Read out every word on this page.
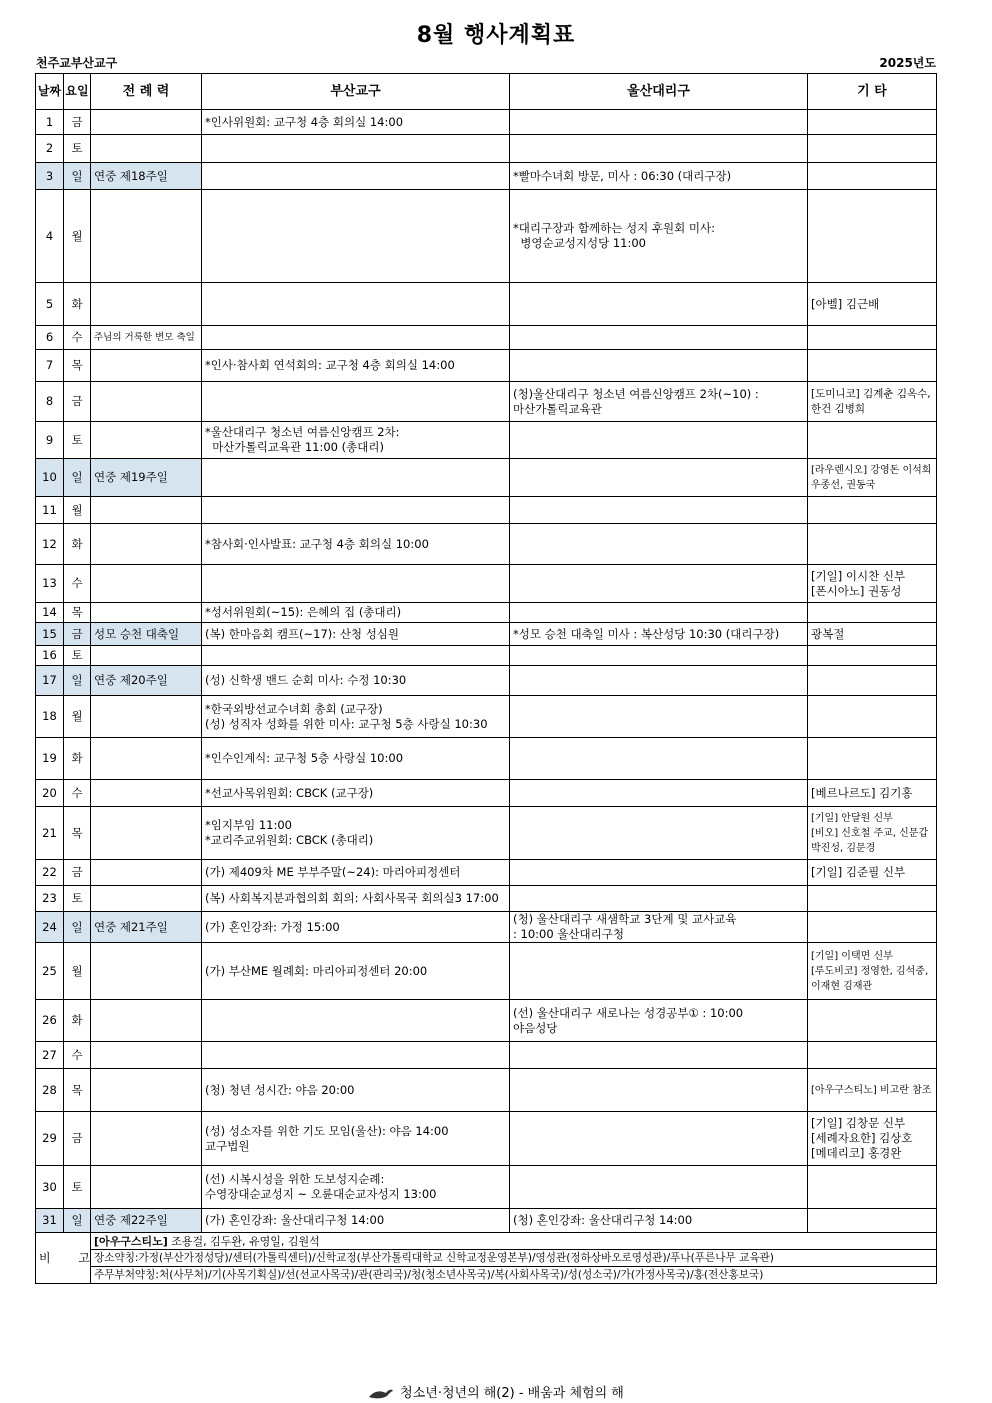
8월 행사계획표
천주교부산교구	2025년도
날짜	요일	전 례 력	부산교구	울산대리구	기 타
1	금		*인사위원회: 교구청 4층 회의실 14:00		
2	토				
3	일	연중 제18주일		*빨마수녀회 방문, 미사 : 06:30 (대리구장)	
4	월			*대리구장과 함께하는 성지 후원회 미사:
병영순교성지성당 11:00	
5	화				[아벨] 김근배
6	수	주님의 거룩한 변모 축일			
7	목		*인사·참사회 연석회의: 교구청 4층 회의실 14:00		
8	금			(청)울산대리구 청소년 여름신앙캠프 2차(~10) :
마산가톨릭교육관	[도미니코] 김계춘 김옥수,
한건 김병희
9	토		*울산대리구 청소년 여름신앙캠프 2차:
마산가톨릭교육관 11:00 (총대리)		
10	일	연중 제19주일			[라우렌시오] 강영돈 이석희
우종선, 권동국
11	월				
12	화		*참사회·인사발표: 교구청 4층 회의실 10:00		
13	수				[기일] 이시찬 신부
[폰시아노] 권동성
14	목		*성서위원회(~15): 은혜의 집 (총대리)		
15	금	성모 승천 대축일	(복) 한마음회 캠프(~17): 산청 성심원	*성모 승천 대축일 미사 : 복산성당 10:30 (대리구장)	광복절
16	토				
17	일	연중 제20주일	(성) 신학생 밴드 순회 미사: 수정 10:30		
18	월		*한국외방선교수녀회 총회 (교구장)
(성) 성직자 성화를 위한 미사: 교구청 5층 사랑실 10:30		
19	화		*인수인계식: 교구청 5층 사랑실 10:00		
20	수		*선교사목위원회: CBCK (교구장)		[베르나르도] 김기홍
21	목		*임지부임 11:00
*교리주교위원회: CBCK (총대리)		[기일] 안달원 신부
[비오] 신호철 주교, 신문갑
박진성, 김문경
22	금		(가) 제409차 ME 부부주말(~24): 마리아피정센터		[기일] 김준필 신부
23	토		(복) 사회복지분과협의회 회의: 사회사목국 회의실3 17:00		
24	일	연중 제21주일	(가) 혼인강좌: 가정 15:00	(청) 울산대리구 새샘학교 3단계 및 교사교육
: 10:00 울산대리구청	
25	월		(가) 부산ME 월례회: 마리아피정센터 20:00		[기일] 이택면 신부
[루도비코] 정영한, 김석중,
이재현 김재관
26	화			(선) 울산대리구 새로나는 성경공부① : 10:00
야음성당	
27	수				
28	목		(청) 청년 성시간: 야음 20:00		[아우구스티노] 비고란 참조
29	금		(성) 성소자를 위한 기도 모임(울산): 야음 14:00
교구법원		[기일] 김창문 신부
[세례자요한] 김상호
[메데리코] 홍경완
30	토		(선) 시복시성을 위한 도보성지순례:
수영장대순교성지 ~ 오륜대순교자성지 13:00		
31	일	연중 제22주일	(가) 혼인강좌: 울산대리구청 14:00	(청) 혼인강좌: 울산대리구청 14:00	
비 고		[아우구스티노] 조용걸, 김두완, 유영일, 김원석			
		장소약칭:가정(부산가정성당)/센터(가톨릭센터)/신학교정(부산가톨릭대학교 신학교정운영본부)/영성관(정하상바오로영성관)/푸나(푸른나무 교육관)			
		주무부처약칭:처(사무처)/기(사목기획실)/선(선교사목국)/관(관리국)/청(청소년사목국)/복(사회사목국)/성(성소국)/가(가정사목국)/홍(전산홍보국)			
청소년·청년의 해(2) - 배움과 체험의 해
